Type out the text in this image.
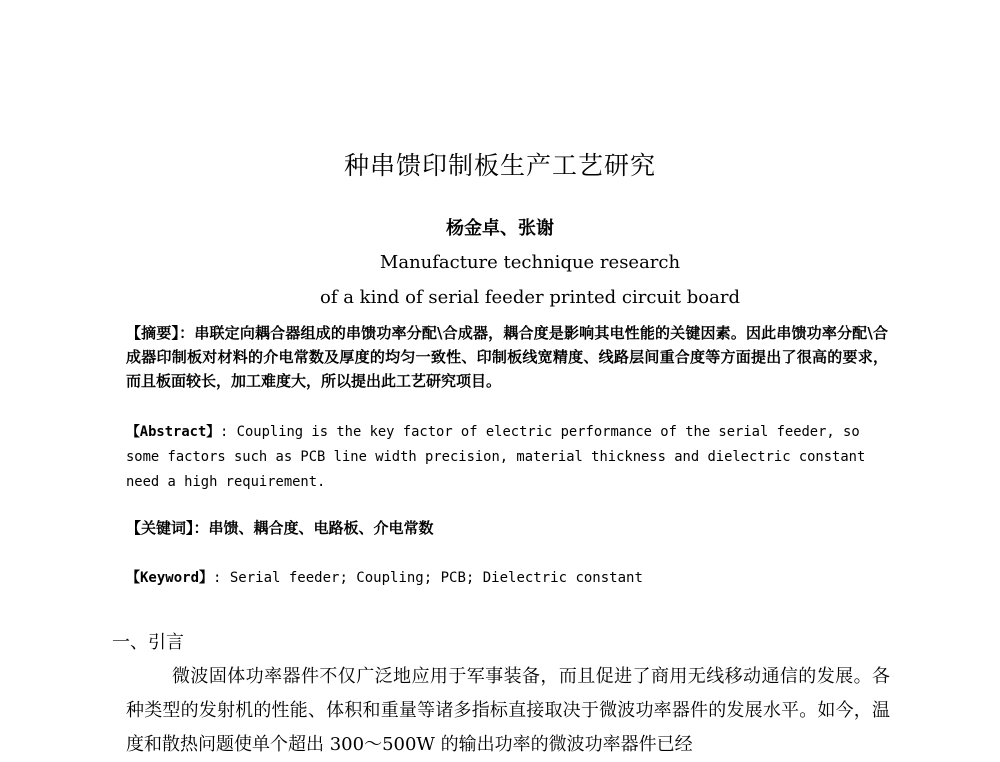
种串馈印制板生产工艺研究
杨金卓、张谢
Manufacture technique research
of a kind of serial feeder printed circuit board
【摘要】：串联定向耦合器组成的串馈功率分配\合成器，耦合度是影响其电性能的关键因素。因此串馈功率分配\合成器印制板对材料的介电常数及厚度的均匀一致性、印制板线宽精度、线路层间重合度等方面提出了很高的要求，而且板面较长，加工难度大，所以提出此工艺研究项目。
【Abstract】: Coupling is the key factor of electric performance of the serial feeder, so some factors such as PCB line width precision, material thickness and dielectric constant need a high requirement.
【关键词】：串馈、耦合度、电路板、介电常数
【Keyword】: Serial feeder; Coupling; PCB; Dielectric constant
一、引言
微波固体功率器件不仅广泛地应用于军事装备，而且促进了商用无线移动通信的发展。各种类型的发射机的性能、体积和重量等诸多指标直接取决于微波功率器件的发展水平。如今，温度和散热问题使单个超出 300～500W 的输出功率的微波功率器件已经
